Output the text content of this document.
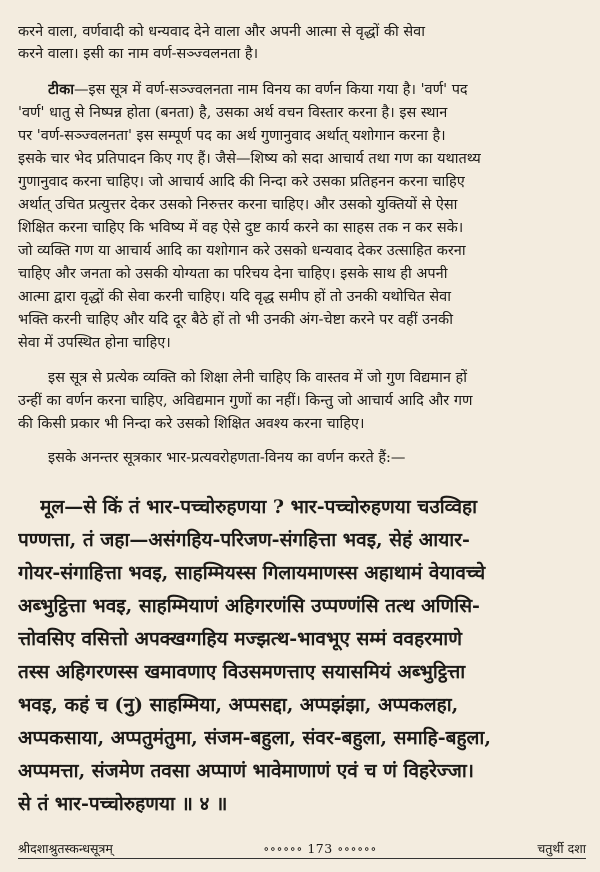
करने वाला, वर्णवादी को धन्यवाद देने वाला और अपनी आत्मा से वृद्धों की सेवा
करने वाला। इसी का नाम वर्ण-सञ्ज्वलनता है।
टीका—इस सूत्र में वर्ण-सञ्ज्वलनता नाम विनय का वर्णन किया गया है। 'वर्ण' पद
'वर्ण' धातु से निष्पन्न होता (बनता) है, उसका अर्थ वचन विस्तार करना है। इस स्थान
पर 'वर्ण-सञ्ज्वलनता' इस सम्पूर्ण पद का अर्थ गुणानुवाद अर्थात् यशोगान करना है।
इसके चार भेद प्रतिपादन किए गए हैं। जैसे—शिष्य को सदा आचार्य तथा गण का यथातथ्य
गुणानुवाद करना चाहिए। जो आचार्य आदि की निन्दा करे उसका प्रतिहनन करना चाहिए
अर्थात् उचित प्रत्युत्तर देकर उसको निरुत्तर करना चाहिए। और उसको युक्तियों से ऐसा
शिक्षित करना चाहिए कि भविष्य में वह ऐसे दुष्ट कार्य करने का साहस तक न कर सके।
जो व्यक्ति गण या आचार्य आदि का यशोगान करे उसको धन्यवाद देकर उत्साहित करना
चाहिए और जनता को उसकी योग्यता का परिचय देना चाहिए। इसके साथ ही अपनी
आत्मा द्वारा वृद्धों की सेवा करनी चाहिए। यदि वृद्ध समीप हों तो उनकी यथोचित सेवा
भक्ति करनी चाहिए और यदि दूर बैठे हों तो भी उनकी अंग-चेष्टा करने पर वहीं उनकी
सेवा में उपस्थित होना चाहिए।
इस सूत्र से प्रत्येक व्यक्ति को शिक्षा लेनी चाहिए कि वास्तव में जो गुण विद्यमान हों
उन्हीं का वर्णन करना चाहिए, अविद्यमान गुणों का नहीं। किन्तु जो आचार्य आदि और गण
की किसी प्रकार भी निन्दा करे उसको शिक्षित अवश्य करना चाहिए।
इसके अनन्तर सूत्रकार भार-प्रत्यवरोहणता-विनय का वर्णन करते हैं:—
मूल—से किं तं भार-पच्चोरुहणया ? भार-पच्चोरुहणया चउव्विहा
पण्णत्ता, तं जहा—असंगहिय-परिजण-संगहित्ता भवइ, सेहं आयार-
गोयर-संगाहित्ता भवइ, साहम्मियस्स गिलायमाणस्स अहाथामं वेयावच्चे
अब्भुट्ठित्ता भवइ, साहम्मियाणं अहिगरणंसि उप्पण्णंसि तत्थ अणिसि-
त्तोवसिए वसित्तो अपक्खग्गहिय मज्झत्थ-भावभूए सम्मं ववहरमाणे
तस्स अहिगरणस्स खमावणाए विउसमणत्ताए सयासमियं अब्भुट्ठित्ता
भवइ, कहं च (नु) साहम्मिया, अप्पसद्दा, अप्पझंझा, अप्पकलहा,
अप्पकसाया, अप्पतुमंतुमा, संजम-बहुला, संवर-बहुला, समाहि-बहुला,
अप्पमत्ता, संजमेण तवसा अप्पाणं भावेमाणाणं एवं च णं विहरेज्जा।
से तं भार-पच्चोरुहणया ॥ ४ ॥
श्रीदशाश्रुतस्कन्धसूत्रम्	∘∘∘∘∘∘ 173 ∘∘∘∘∘∘	चतुर्थी दशा
